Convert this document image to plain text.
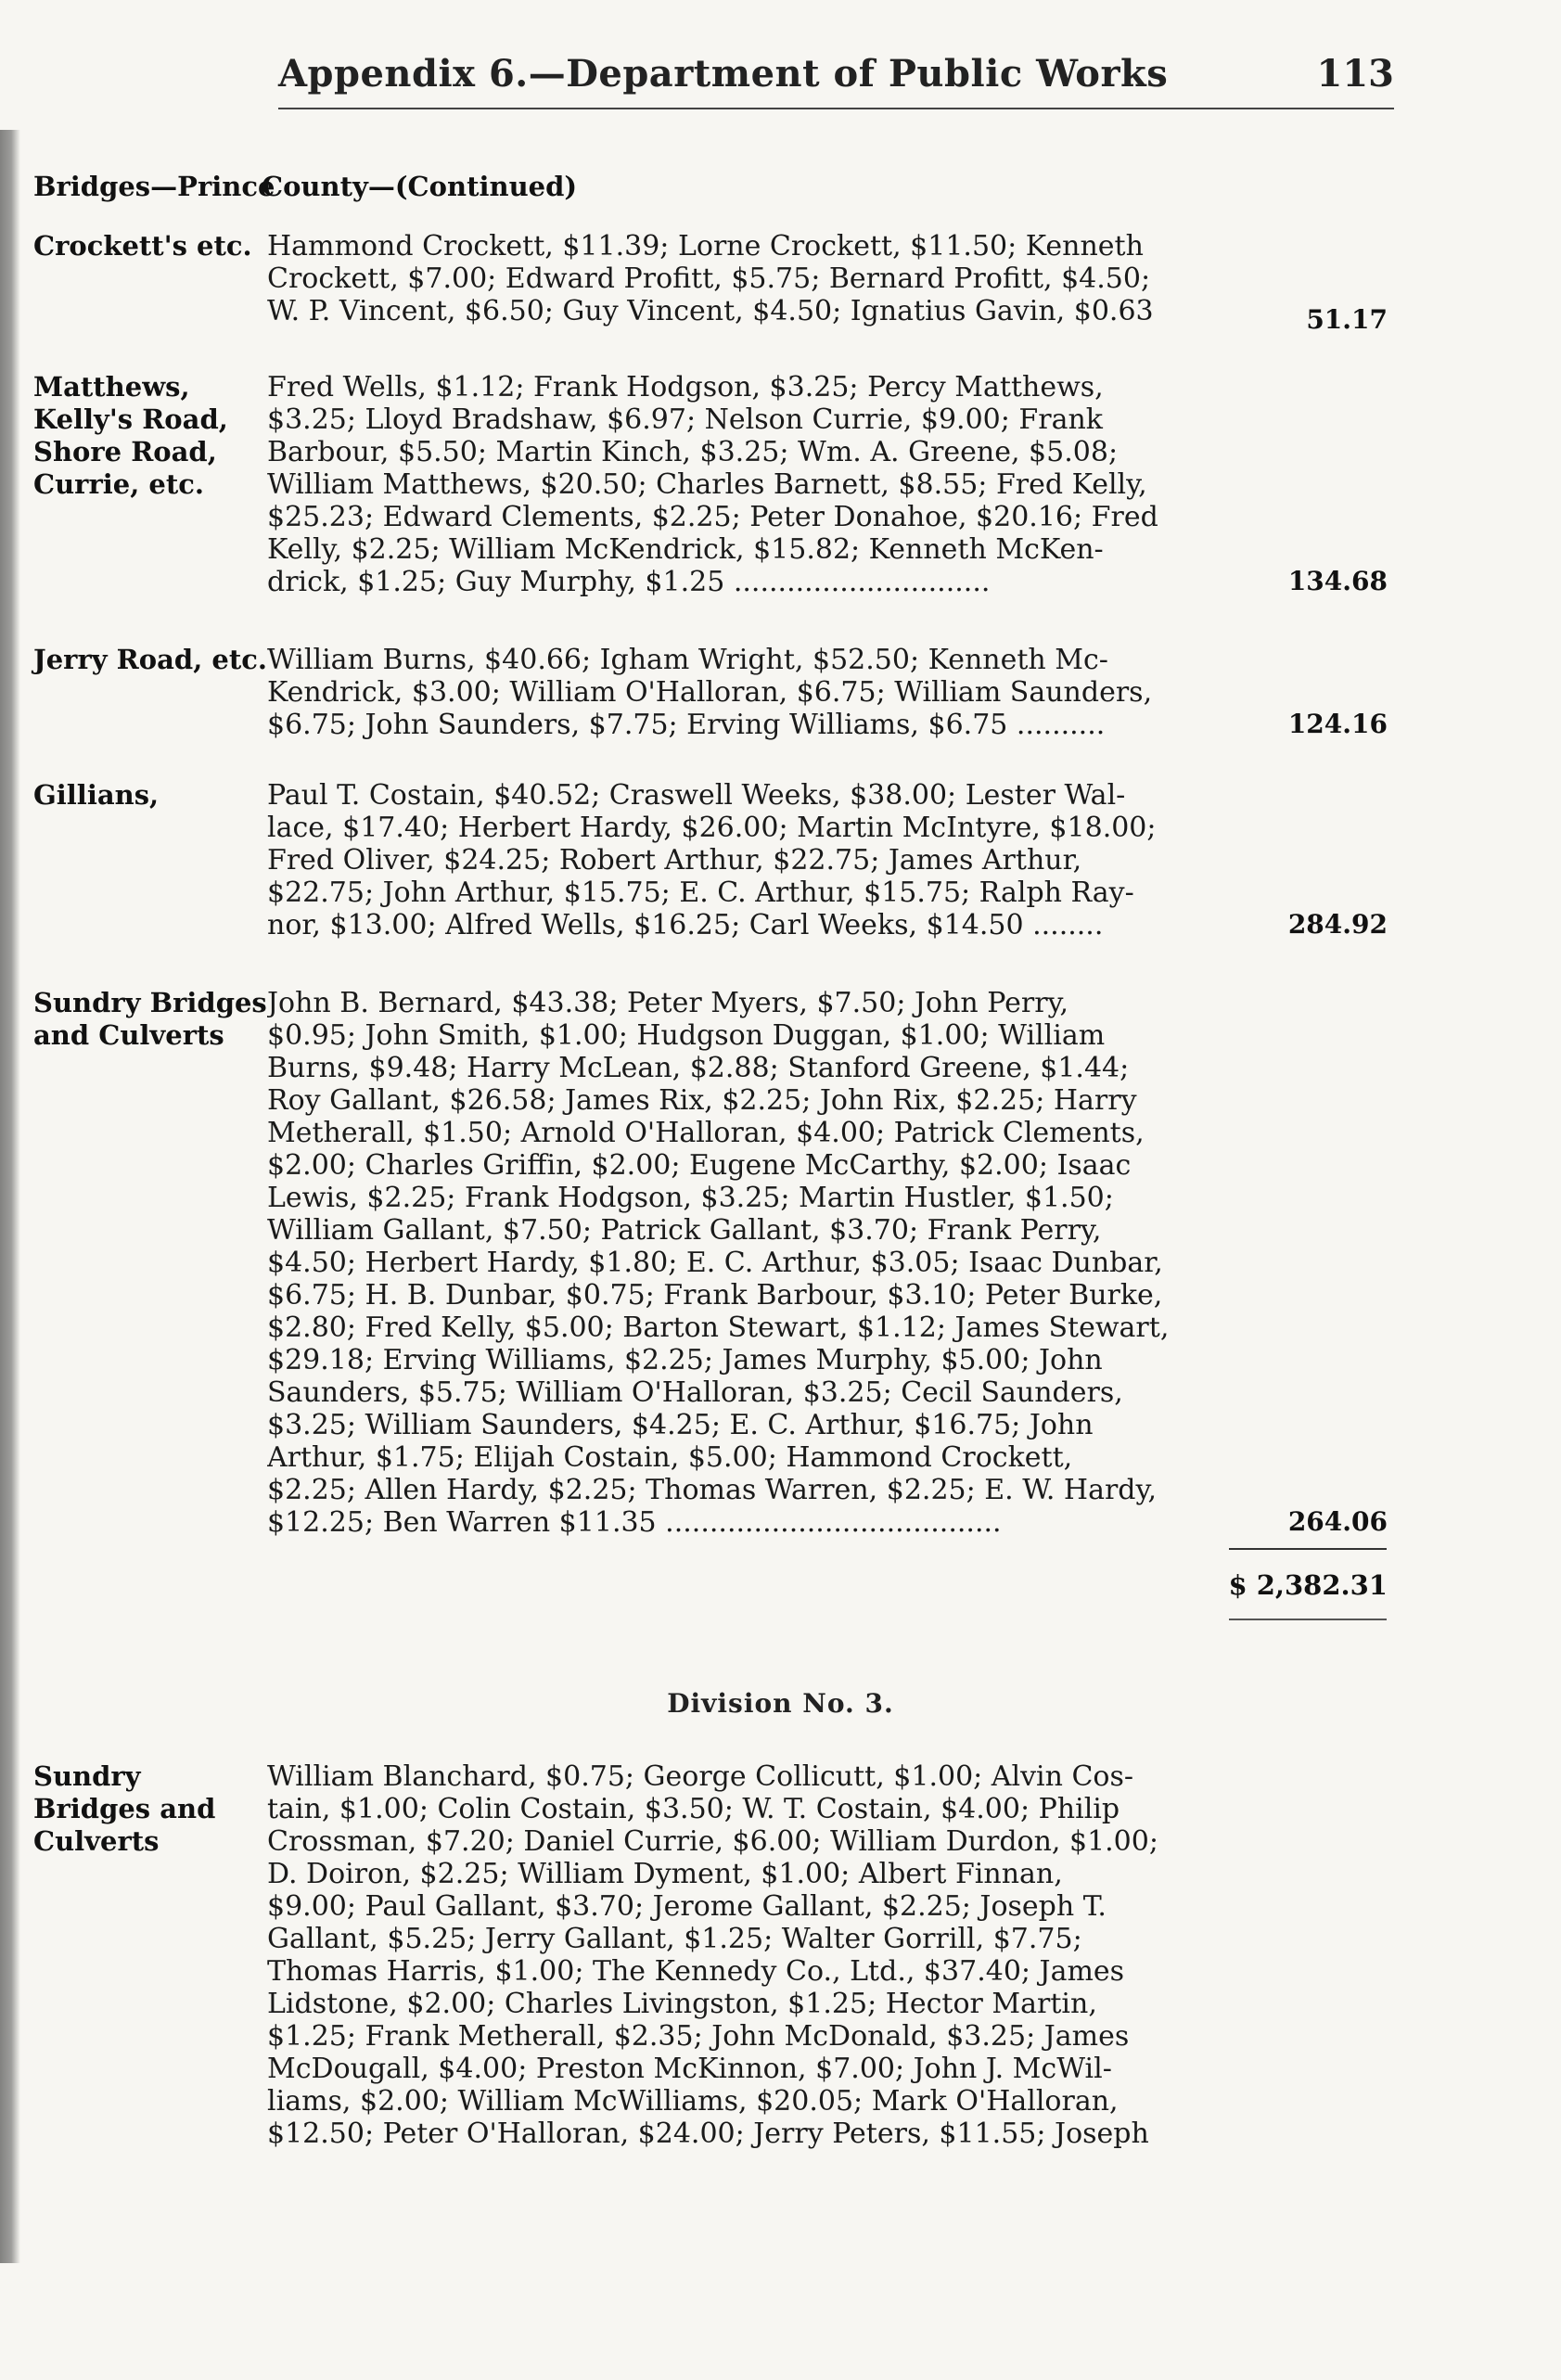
Appendix 6.—Department of Public Works	113
Bridges—Prince
County—(Continued)
Crockett's etc. Hammond Crockett, $11.39; Lorne Crockett, $11.50; Kenneth
Crockett, $7.00; Edward Profitt, $5.75; Bernard Profitt, $4.50;
W. P. Vincent, $6.50; Guy Vincent, $4.50; Ignatius Gavin, $0.63	51.17
Matthews,
Kelly's Road,
Shore Road,
Currie, etc.
Fred Wells, $1.12; Frank Hodgson, $3.25; Percy Matthews,
$3.25; Lloyd Bradshaw, $6.97; Nelson Currie, $9.00; Frank
Barbour, $5.50; Martin Kinch, $3.25; Wm. A. Greene, $5.08;
William Matthews, $20.50; Charles Barnett, $8.55; Fred Kelly,
$25.23; Edward Clements, $2.25; Peter Donahoe, $20.16; Fred
Kelly, $2.25; William McKendrick, $15.82; Kenneth McKen-
drick, $1.25; Guy Murphy, $1.25 .............................	134.68
Jerry Road, etc. William Burns, $40.66; Igham Wright, $52.50; Kenneth Mc-
Kendrick, $3.00; William O'Halloran, $6.75; William Saunders,
$6.75; John Saunders, $7.75; Erving Williams, $6.75 ..........	124.16
Gillians,	Paul T. Costain, $40.52; Craswell Weeks, $38.00; Lester Wal-
lace, $17.40; Herbert Hardy, $26.00; Martin McIntyre, $18.00;
Fred Oliver, $24.25; Robert Arthur, $22.75; James Arthur,
$22.75; John Arthur, $15.75; E. C. Arthur, $15.75; Ralph Ray-
nor, $13.00; Alfred Wells, $16.25; Carl Weeks, $14.50 ........	284.92
Sundry Bridges
and Culverts
John B. Bernard, $43.38; Peter Myers, $7.50; John Perry,
$0.95; John Smith, $1.00; Hudgson Duggan, $1.00; William
Burns, $9.48; Harry McLean, $2.88; Stanford Greene, $1.44;
Roy Gallant, $26.58; James Rix, $2.25; John Rix, $2.25; Harry
Metherall, $1.50; Arnold O'Halloran, $4.00; Patrick Clements,
$2.00; Charles Griffin, $2.00; Eugene McCarthy, $2.00; Isaac
Lewis, $2.25; Frank Hodgson, $3.25; Martin Hustler, $1.50;
William Gallant, $7.50; Patrick Gallant, $3.70; Frank Perry,
$4.50; Herbert Hardy, $1.80; E. C. Arthur, $3.05; Isaac Dunbar,
$6.75; H. B. Dunbar, $0.75; Frank Barbour, $3.10; Peter Burke,
$2.80; Fred Kelly, $5.00; Barton Stewart, $1.12; James Stewart,
$29.18; Erving Williams, $2.25; James Murphy, $5.00; John
Saunders, $5.75; William O'Halloran, $3.25; Cecil Saunders,
$3.25; William Saunders, $4.25; E. C. Arthur, $16.75; John
Arthur, $1.75; Elijah Costain, $5.00; Hammond Crockett,
$2.25; Allen Hardy, $2.25; Thomas Warren, $2.25; E. W. Hardy,
$12.25; Ben Warren $11.35 ......................................	264.06
$ 2,382.31
Division No. 3.
Sundry
Bridges and
Culverts
William Blanchard, $0.75; George Collicutt, $1.00; Alvin Cos-
tain, $1.00; Colin Costain, $3.50; W. T. Costain, $4.00; Philip
Crossman, $7.20; Daniel Currie, $6.00; William Durdon, $1.00;
D. Doiron, $2.25; William Dyment, $1.00; Albert Finnan,
$9.00; Paul Gallant, $3.70; Jerome Gallant, $2.25; Joseph T.
Gallant, $5.25; Jerry Gallant, $1.25; Walter Gorrill, $7.75;
Thomas Harris, $1.00; The Kennedy Co., Ltd., $37.40; James
Lidstone, $2.00; Charles Livingston, $1.25; Hector Martin,
$1.25; Frank Metherall, $2.35; John McDonald, $3.25; James
McDougall, $4.00; Preston McKinnon, $7.00; John J. McWil-
liams, $2.00; William McWilliams, $20.05; Mark O'Halloran,
$12.50; Peter O'Halloran, $24.00; Jerry Peters, $11.55; Joseph
